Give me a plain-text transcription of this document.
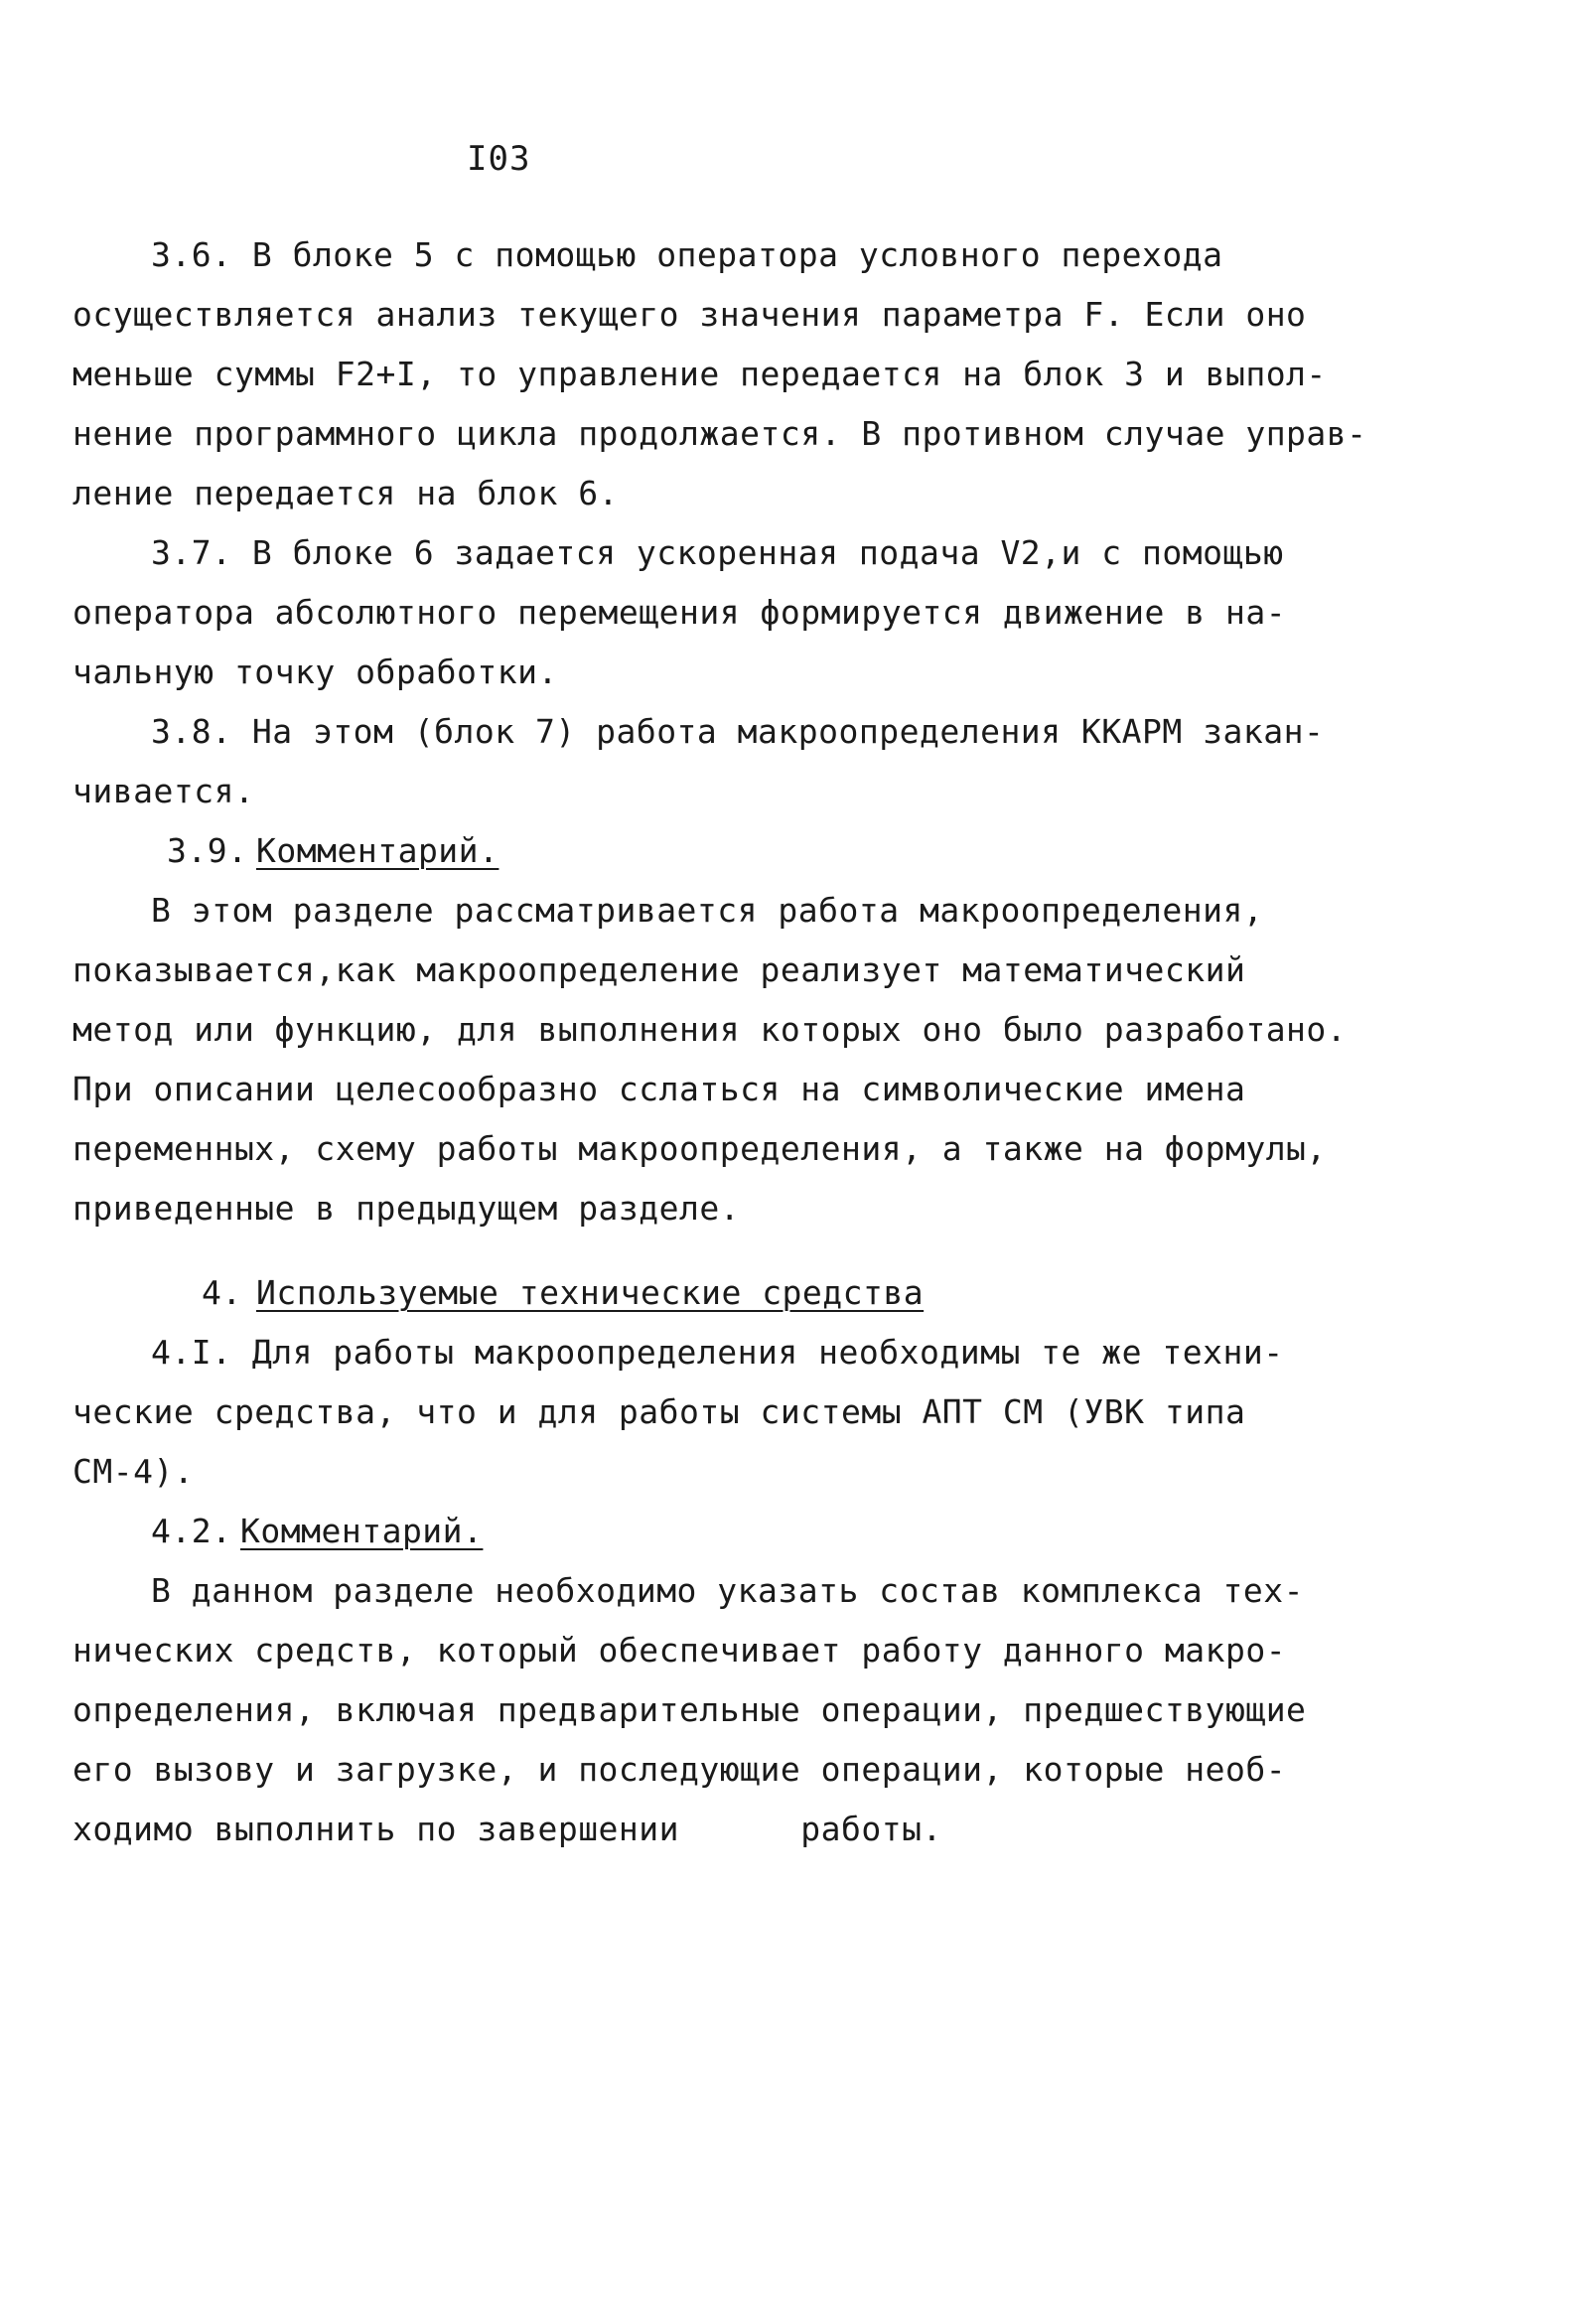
I03
3.6. В блоке 5 с помощью оператора условного перехода
осуществляется анализ текущего значения параметра F. Если оно
меньше суммы F2+I, то управление передается на блок 3 и выпол-
нение программного цикла продолжается. В противном случае управ-
ление передается на блок 6.
3.7. В блоке 6 задается ускоренная подача V2,и с помощью
оператора абсолютного перемещения формируется движение в на-
чальную точку обработки.
3.8. На этом (блок 7) работа макроопределения ККАРМ закан-
чивается.
3.9. Комментарий.
В этом разделе рассматривается работа макроопределения,
показывается,как макроопределение реализует математический
метод или функцию, для выполнения которых оно было разработано.
При описании целесообразно сслаться на символические имена
переменных, схему работы макроопределения, а также на формулы,
приведенные в предыдущем разделе.
4. Используемые технические средства
4.I. Для работы макроопределения необходимы те же техни-
ческие средства, что и для работы системы АПТ СМ (УВК типа
СМ-4).
4.2. Комментарий.
В данном разделе необходимо указать состав комплекса тех-
нических средств, который обеспечивает работу данного макро-
определения, включая предварительные операции, предшествующие
его вызову и загрузке, и последующие операции, которые необ-
ходимо выполнить по завершении      работы.
